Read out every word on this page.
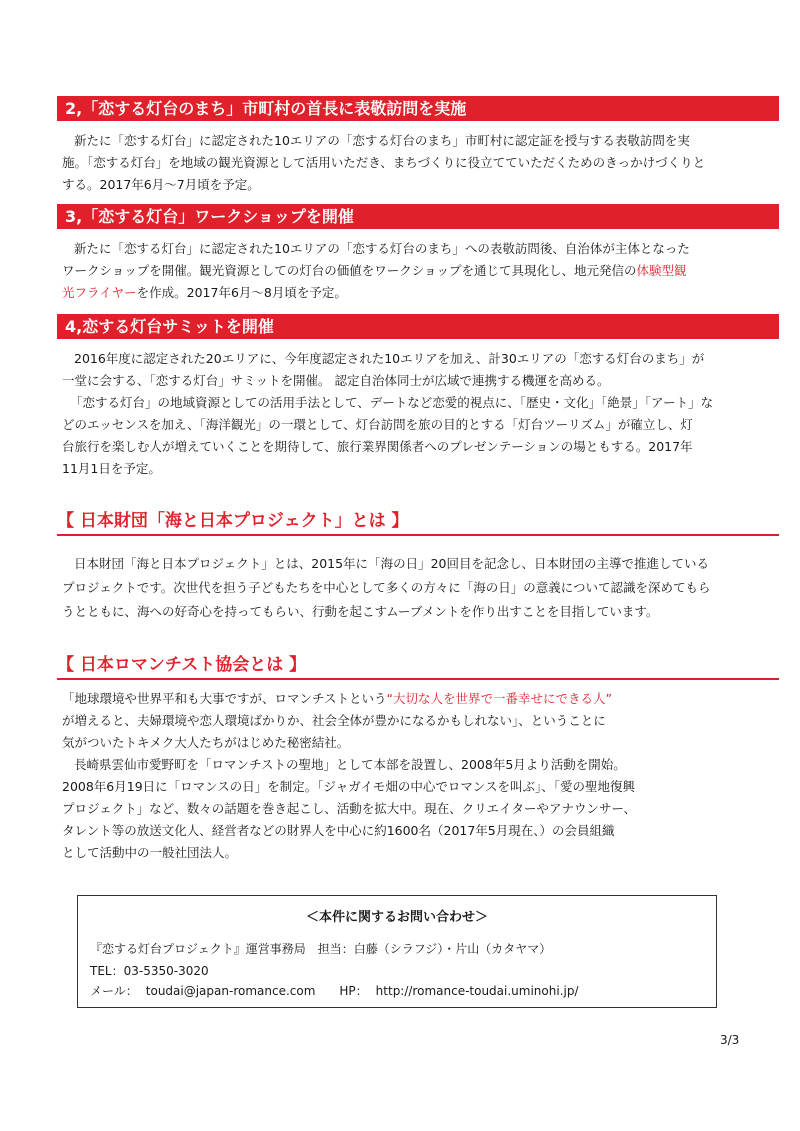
2,「恋する灯台のまち」市町村の首長に表敬訪問を実施

新たに「恋する灯台」に認定された10エリアの「恋する灯台のまち」市町村に認定証を授与する表敬訪問を実

施。「恋する灯台」を地域の観光資源として活用いただき、まちづくりに役立てていただくためのきっかけづくりと

する。2017年6月～7月頃を予定。

3,「恋する灯台」ワークショップを開催

新たに「恋する灯台」に認定された10エリアの「恋する灯台のまち」への表敬訪問後、自治体が主体となった

ワークショップを開催。観光資源としての灯台の価値をワークショップを通じて具現化し、地元発信の体験型観

光フライヤーを作成。2017年6月～8月頃を予定。

4,恋する灯台サミットを開催

2016年度に認定された20エリアに、今年度認定された10エリアを加え、計30エリアの「恋する灯台のまち」が

一堂に会する、「恋する灯台」サミットを開催。 認定自治体同士が広域で連携する機運を高める。

「恋する灯台」の地域資源としての活用手法として、デートなど恋愛的視点に、「歴史・文化」「絶景」「アート」な

どのエッセンスを加え、「海洋観光」の一環として、灯台訪問を旅の目的とする「灯台ツーリズム」が確立し、灯

台旅行を楽しむ人が増えていくことを期待して、旅行業界関係者へのプレゼンテーションの場ともする。2017年

11月1日を予定。

【 日本財団「海と日本プロジェクト」とは 】

日本財団「海と日本プロジェクト」とは、2015年に「海の日」20回目を記念し、日本財団の主導で推進している

プロジェクトです。次世代を担う子どもたちを中心として多くの方々に「海の日」の意義について認識を深めてもら

うとともに、海への好奇心を持ってもらい、行動を起こすムーブメントを作り出すことを目指しています。

【 日本ロマンチスト協会とは 】

「地球環境や世界平和も大事ですが、ロマンチストという“大切な人を世界で一番幸せにできる人”

が増えると、夫婦環境や恋人環境ばかりか、社会全体が豊かになるかもしれない」、ということに

気がついたトキメク大人たちがはじめた秘密結社。

長崎県雲仙市愛野町を「ロマンチストの聖地」として本部を設置し、2008年5月より活動を開始。

2008年6月19日に「ロマンスの日」を制定。「ジャガイモ畑の中心でロマンスを叫ぶ」、「愛の聖地復興

プロジェクト」など、数々の話題を巻き起こし、活動を拡大中。現在、クリエイターやアナウンサー、

タレント等の放送文化人、経営者などの財界人を中心に約1600名（2017年5月現在、）の会員組織

として活動中の一般社団法人。

＜本件に関するお問い合わせ＞
『恋する灯台プロジェクト』運営事務局　担当：白藤（シラフジ）・片山（カタヤマ）
TEL：03-5350-3020
メール： toudai@japan-romance.com HP： http://romance-toudai.uminohi.jp/
3/3
